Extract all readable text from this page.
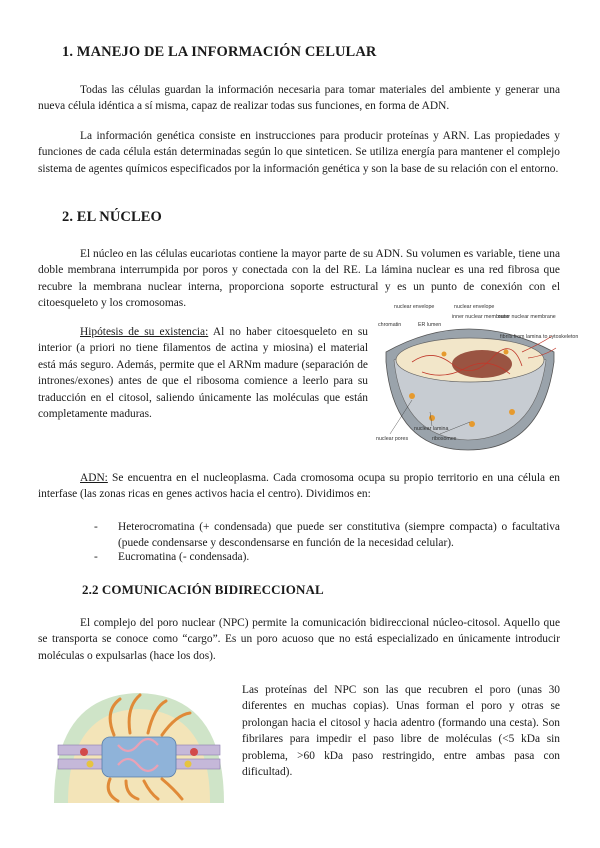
1. MANEJO DE LA INFORMACIÓN CELULAR

Todas las células guardan la información necesaria para tomar materiales del ambiente y generar una nueva célula idéntica a sí misma, capaz de realizar todas sus funciones, en forma de ADN.

La información genética consiste en instrucciones para producir proteínas y ARN. Las propiedades y funciones de cada célula están determinadas según lo que sinteticen. Se utiliza energía para mantener el complejo sistema de agentes químicos especificados por la información genética y son la base de su relación con el entorno.

2. EL NÚCLEO

El núcleo en las células eucariotas contiene la mayor parte de su ADN. Su volumen es variable, tiene una doble membrana interrumpida por poros y conectada con la del RE. La lámina nuclear es una red fibrosa que recubre la membrana nuclear interna, proporciona soporte estructural y es un punto de conexión con el citoesqueleto y los cromosomas.

Hipótesis de su existencia: Al no haber citoesqueleto en su interior (a priori no tiene filamentos de actina y miosina) el material está más seguro. Además, permite que el ARNm madure (separación de intrones/exones) antes de que el ribosoma comience a leerlo para su traducción en el citosol, saliendo únicamente las moléculas que están completamente maduras.

nuclear envelope	nuclear envelope
inner nuclear membrane
outer nuclear membrane
chromatin	ER lumen
fibrils from lamina to cytoskeleton
nuclear pores
nuclear lamina
ribosomes

ADN: Se encuentra en el nucleoplasma. Cada cromosoma ocupa su propio territorio en una célula en interfase (las zonas ricas en genes activos hacia el centro). Dividimos en:

- Heterocromatina (+ condensada) que puede ser constitutiva (siempre compacta) o facultativa (puede condensarse y descondensarse en función de la necesidad celular).
- Eucromatina (- condensada).
2.2 COMUNICACIÓN BIDIRECCIONAL

El complejo del poro nuclear (NPC) permite la comunicación bidireccional núcleo-citosol. Aquello que se transporta se conoce como “cargo”. Es un poro acuoso que no está especializado en únicamente introducir moléculas o expulsarlas (hace los dos).

Las proteínas del NPC son las que recubren el poro (unas 30 diferentes en muchas copias). Unas forman el poro y otras se prolongan hacia el citosol y hacia adentro (formando una cesta). Son fibrilares para impedir el paso libre de moléculas (<5 kDa sin problema, >60 kDa paso restringido, entre ambas pasa con dificultad).
